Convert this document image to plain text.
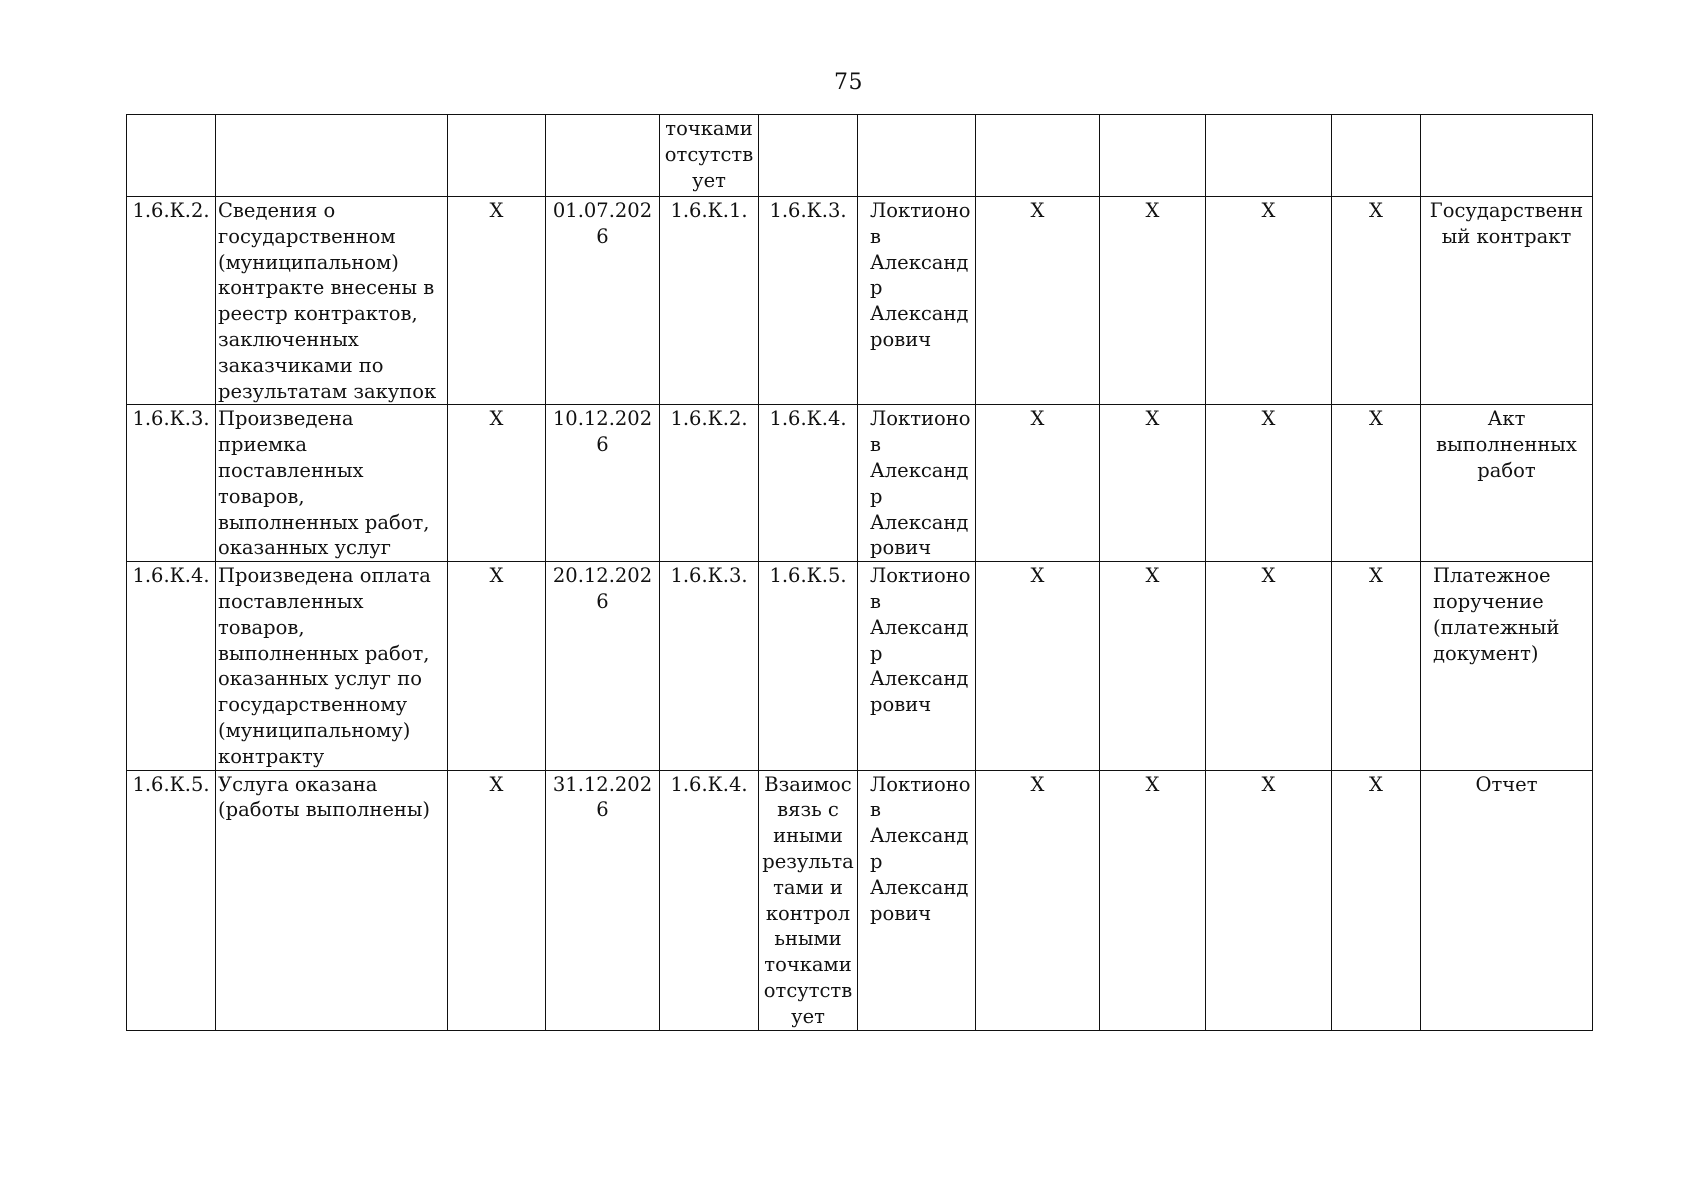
75
				точками отсутствует							
1.6.К.2.	Сведения о государственном (муниципальном) контракте внесены в реестр контрактов, заключенных заказчиками по результатам закупок	X	01.07.2026	1.6.К.1.	1.6.К.3.	Локтионов Александр Александрович	X	X	X	X	Государственный контракт
1.6.К.3.	Произведена приемка поставленных товаров, выполненных работ, оказанных услуг	X	10.12.2026	1.6.К.2.	1.6.К.4.	Локтионов Александр Александрович	X	X	X	X	Акт выполненных работ
1.6.К.4.	Произведена оплата поставленных товаров, выполненных работ, оказанных услуг по государственному (муниципальному) контракту	X	20.12.2026	1.6.К.3.	1.6.К.5.	Локтионов Александр Александрович	X	X	X	X	Платежное поручение (платежный документ)
1.6.К.5.	Услуга оказана (работы выполнены)	X	31.12.2026	1.6.К.4.	Взаимосвязь с иными результатами и контрольными точками отсутствует	Локтионов Александр Александрович	X	X	X	X	Отчет
